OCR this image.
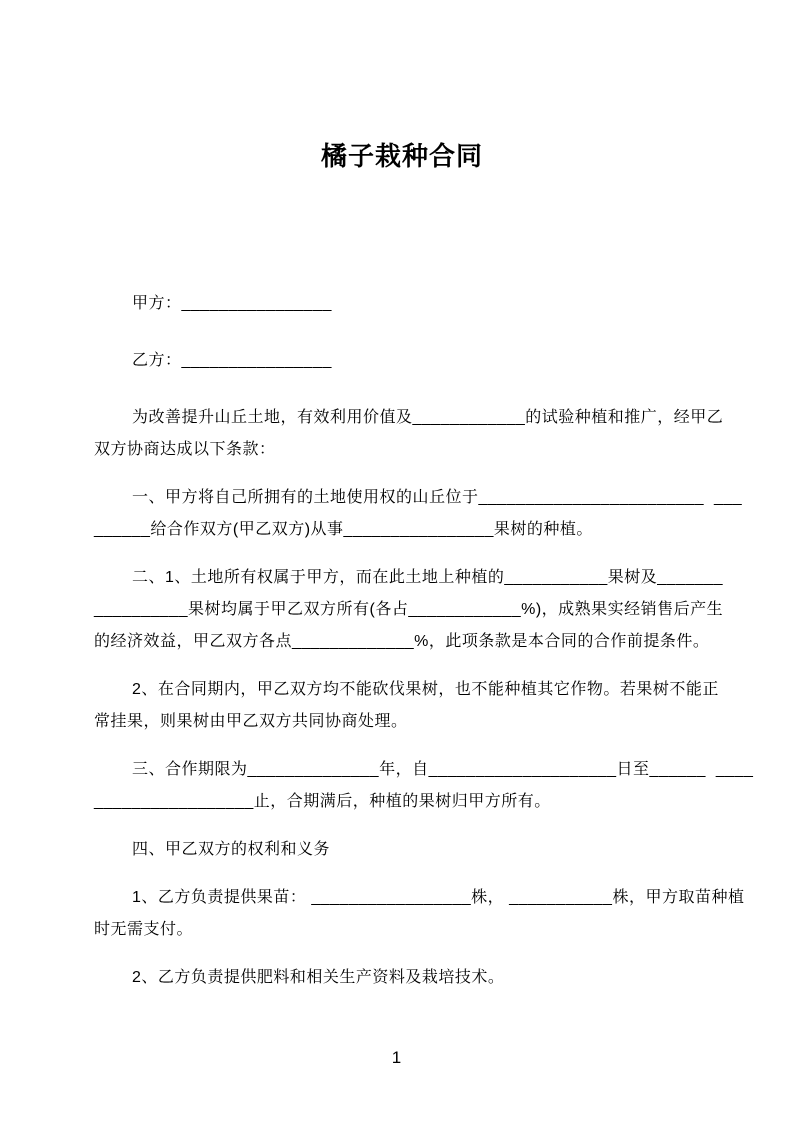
橘子栽种合同
甲方：________________
乙方：________________
为改善提升山丘土地，有效利用价值及____________的试验种植和推广，经甲乙
双方协商达成以下条款：
一、甲方将自己所拥有的土地使用权的山丘位于________________________  ___
______给合作双方(甲乙双方)从事________________果树的种植。
二、1、土地所有权属于甲方，而在此土地上种植的___________果树及_______
__________果树均属于甲乙双方所有(各占____________%)，成熟果实经销售后产生
的经济效益，甲乙双方各点_____________%，此项条款是本合同的合作前提条件。
2、在合同期内，甲乙双方均不能砍伐果树，也不能种植其它作物。若果树不能正
常挂果，则果树由甲乙双方共同协商处理。
三、合作期限为______________年，自____________________日至______  ____
_________________止，合期满后，种植的果树归甲方所有。
四、甲乙双方的权利和义务
1、乙方负责提供果苗： _________________株， ___________株，甲方取苗种植
时无需支付。
2、乙方负责提供肥料和相关生产资料及栽培技术。
1
